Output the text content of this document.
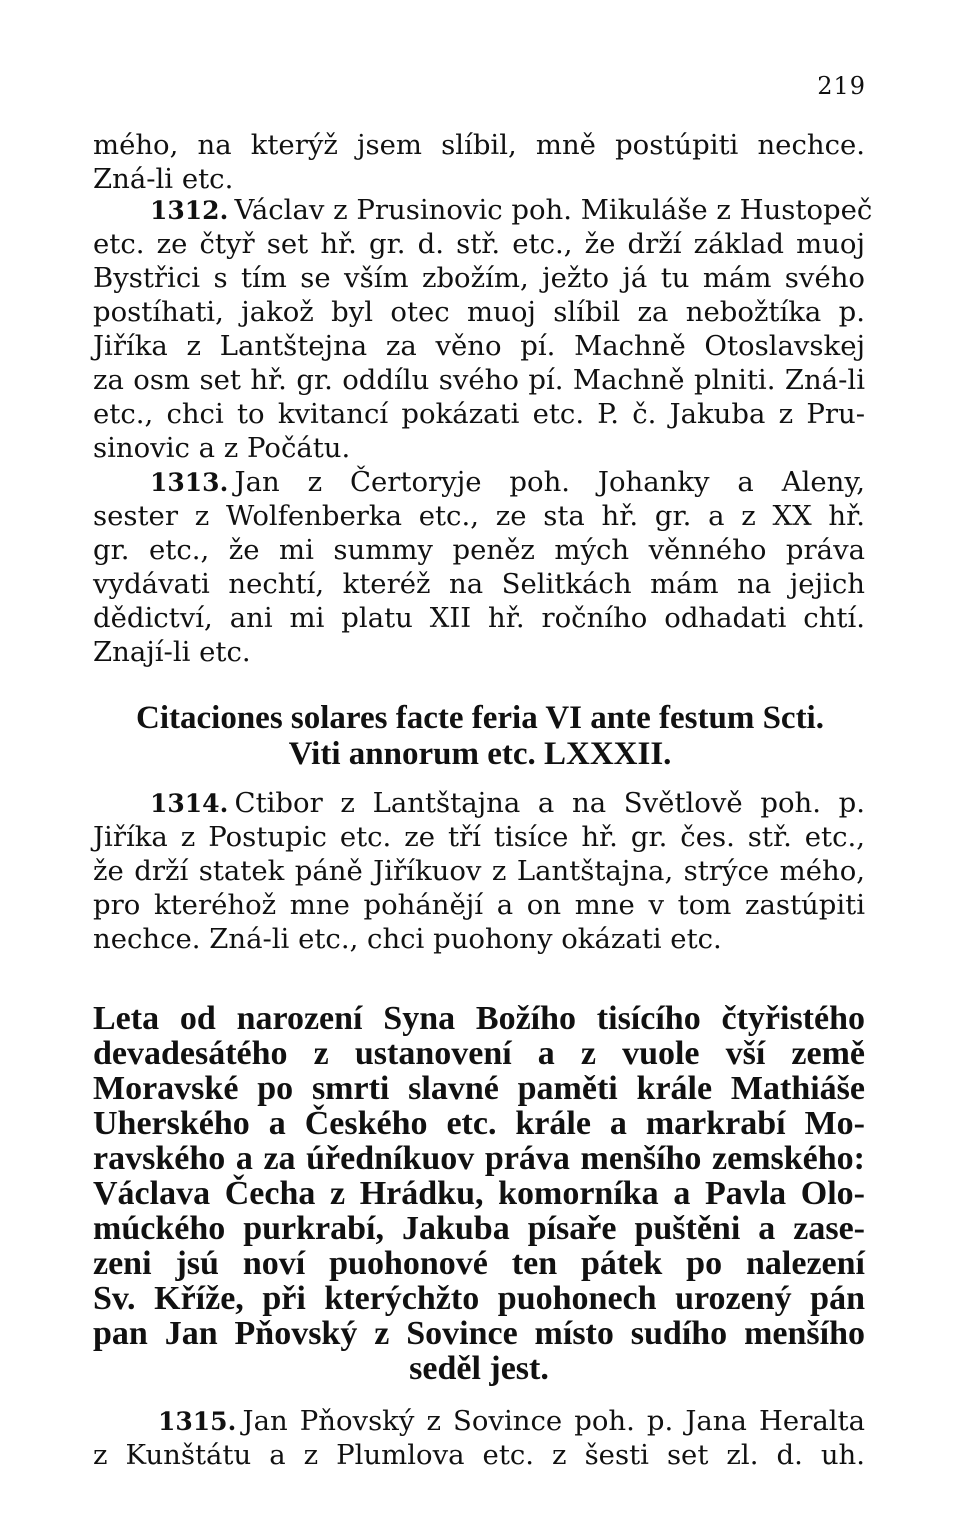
219
mého, na kterýž jsem slíbil, mně postúpiti nechce.
Zná-li etc.
1312. Václav z Prusinovic poh. Mikuláše z Hustopeč
etc. ze čtyř set hř. gr. d. stř. etc., že drží základ muoj
Bystřici s tím se vším zbožím, ježto já tu mám svého
postíhati, jakož byl otec muoj slíbil za nebožtíka p.
Jiříka z Lantštejna za věno pí. Machně Otoslavskej
za osm set hř. gr. oddílu svého pí. Machně plniti. Zná-li
etc., chci to kvitancí pokázati etc. P. č. Jakuba z Pru-
sinovic a z Počátu.
1313. Jan z Čertoryje poh. Johanky a Aleny,
sester z Wolfenberka etc., ze sta hř. gr. a z XX hř.
gr. etc., že mi summy peněz mých věnného práva
vydávati nechtí, kteréž na Selitkách mám na jejich
dědictví, ani mi platu XII hř. ročního odhadati chtí.
Znají-li etc.
Citaciones solares facte feria VI ante festum Scti.
Viti annorum etc. LXXXII.
1314. Ctibor z Lantštajna a na Světlově poh. p.
Jiříka z Postupic etc. ze tří tisíce hř. gr. čes. stř. etc.,
že drží statek páně Jiříkuov z Lantštajna, strýce mého,
pro kteréhož mne pohánějí a on mne v tom zastúpiti
nechce. Zná-li etc., chci puohony okázati etc.
Leta od narození Syna Božího tisícího čtyřistého
devadesátého z ustanovení a z vuole vší země
Moravské po smrti slavné paměti krále Mathiáše
Uherského a Českého etc. krále a markrabí Mo-
ravského a za úředníkuov práva menšího zemského:
Václava Čecha z Hrádku, komorníka a Pavla Olo-
múckého purkrabí, Jakuba písaře puštěni a zase-
zeni jsú noví puohonové ten pátek po nalezení
Sv. Kříže, při kterýchžto puohonech urozený pán
pan Jan Pňovský z Sovince místo sudího menšího
seděl jest.
1315. Jan Pňovský z Sovince poh. p. Jana Heralta
z Kunštátu a z Plumlova etc. z šesti set zl. d. uh.
